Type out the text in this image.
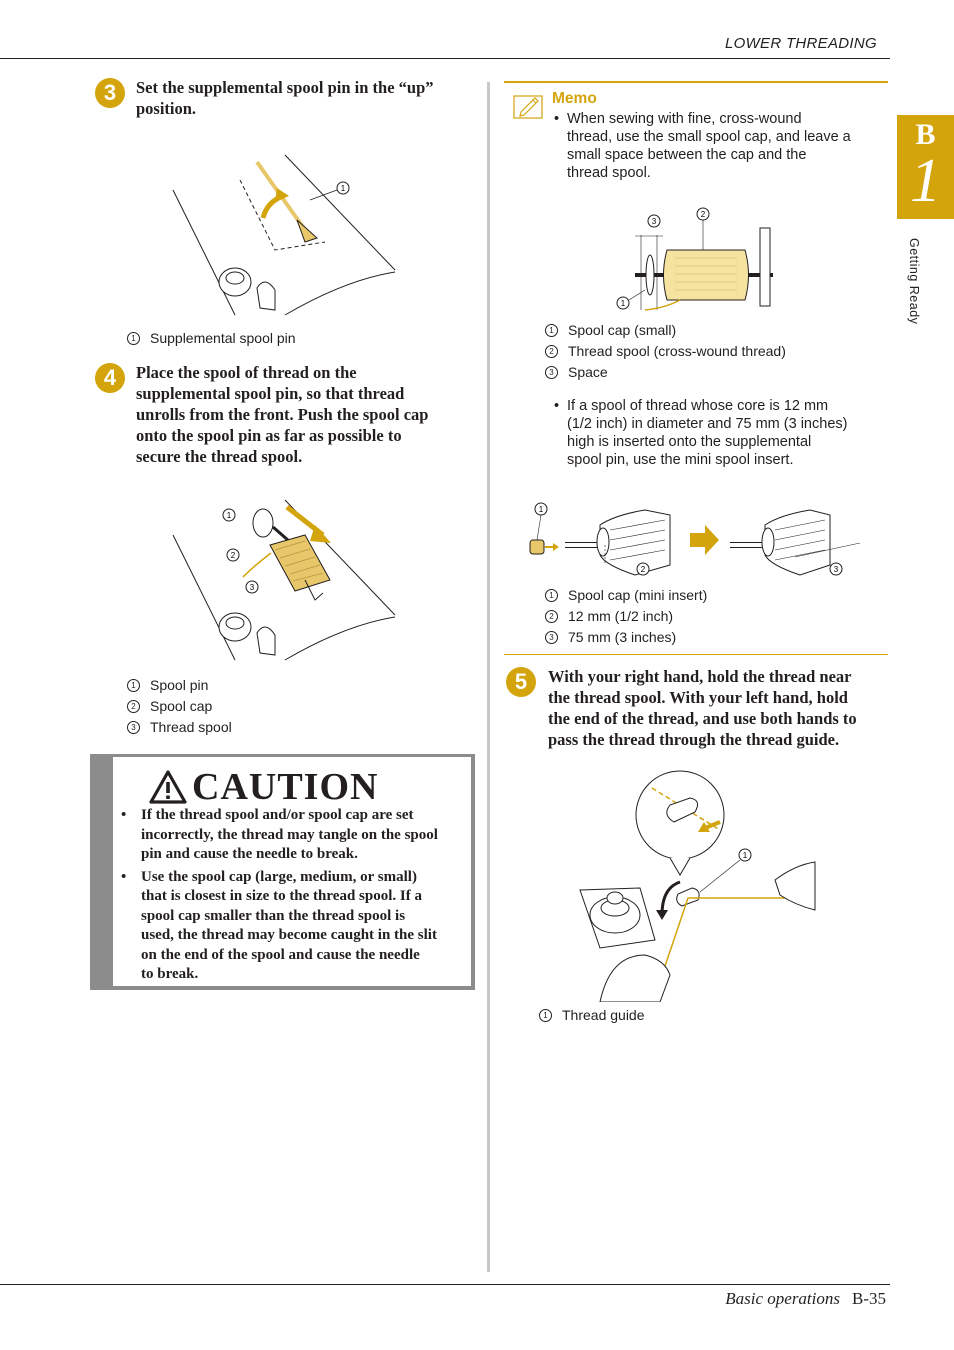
LOWER THREADING
B
1
Getting Ready
3	Set the supplemental spool pin in the “up”
position.
1
1	Supplemental spool pin
4	Place the spool of thread on the
supplemental spool pin, so that thread
unrolls from the front. Push the spool cap
onto the spool pin as far as possible to
secure the thread spool.
1
2
3
1	Spool pin
2	Spool cap
3	Thread spool
CAUTION
• If the thread spool and/or spool cap are set
incorrectly, the thread may tangle on the spool
pin and cause the needle to break.
• Use the spool cap (large, medium, or small)
that is closest in size to the thread spool. If a
spool cap smaller than the thread spool is
used, the thread may become caught in the slit
on the end of the spool and cause the needle
to break.
Memo
• When sewing with fine, cross-wound
thread, use the small spool cap, and leave a
small space between the cap and the
thread spool.
3
2
1
1	Spool cap (small)
2	Thread spool (cross-wound thread)
3	Space
• If a spool of thread whose core is 12 mm
(1/2 inch) in diameter and 75 mm (3 inches)
high is inserted onto the supplemental
spool pin, use the mini spool insert.
1
2	3
1	Spool cap (mini insert)
2	12 mm (1/2 inch)
3	75 mm (3 inches)
5	With your right hand, hold the thread near
the thread spool. With your left hand, hold
the end of the thread, and use both hands to
pass the thread through the thread guide.
1
1	Thread guide
Basic operations B-35
